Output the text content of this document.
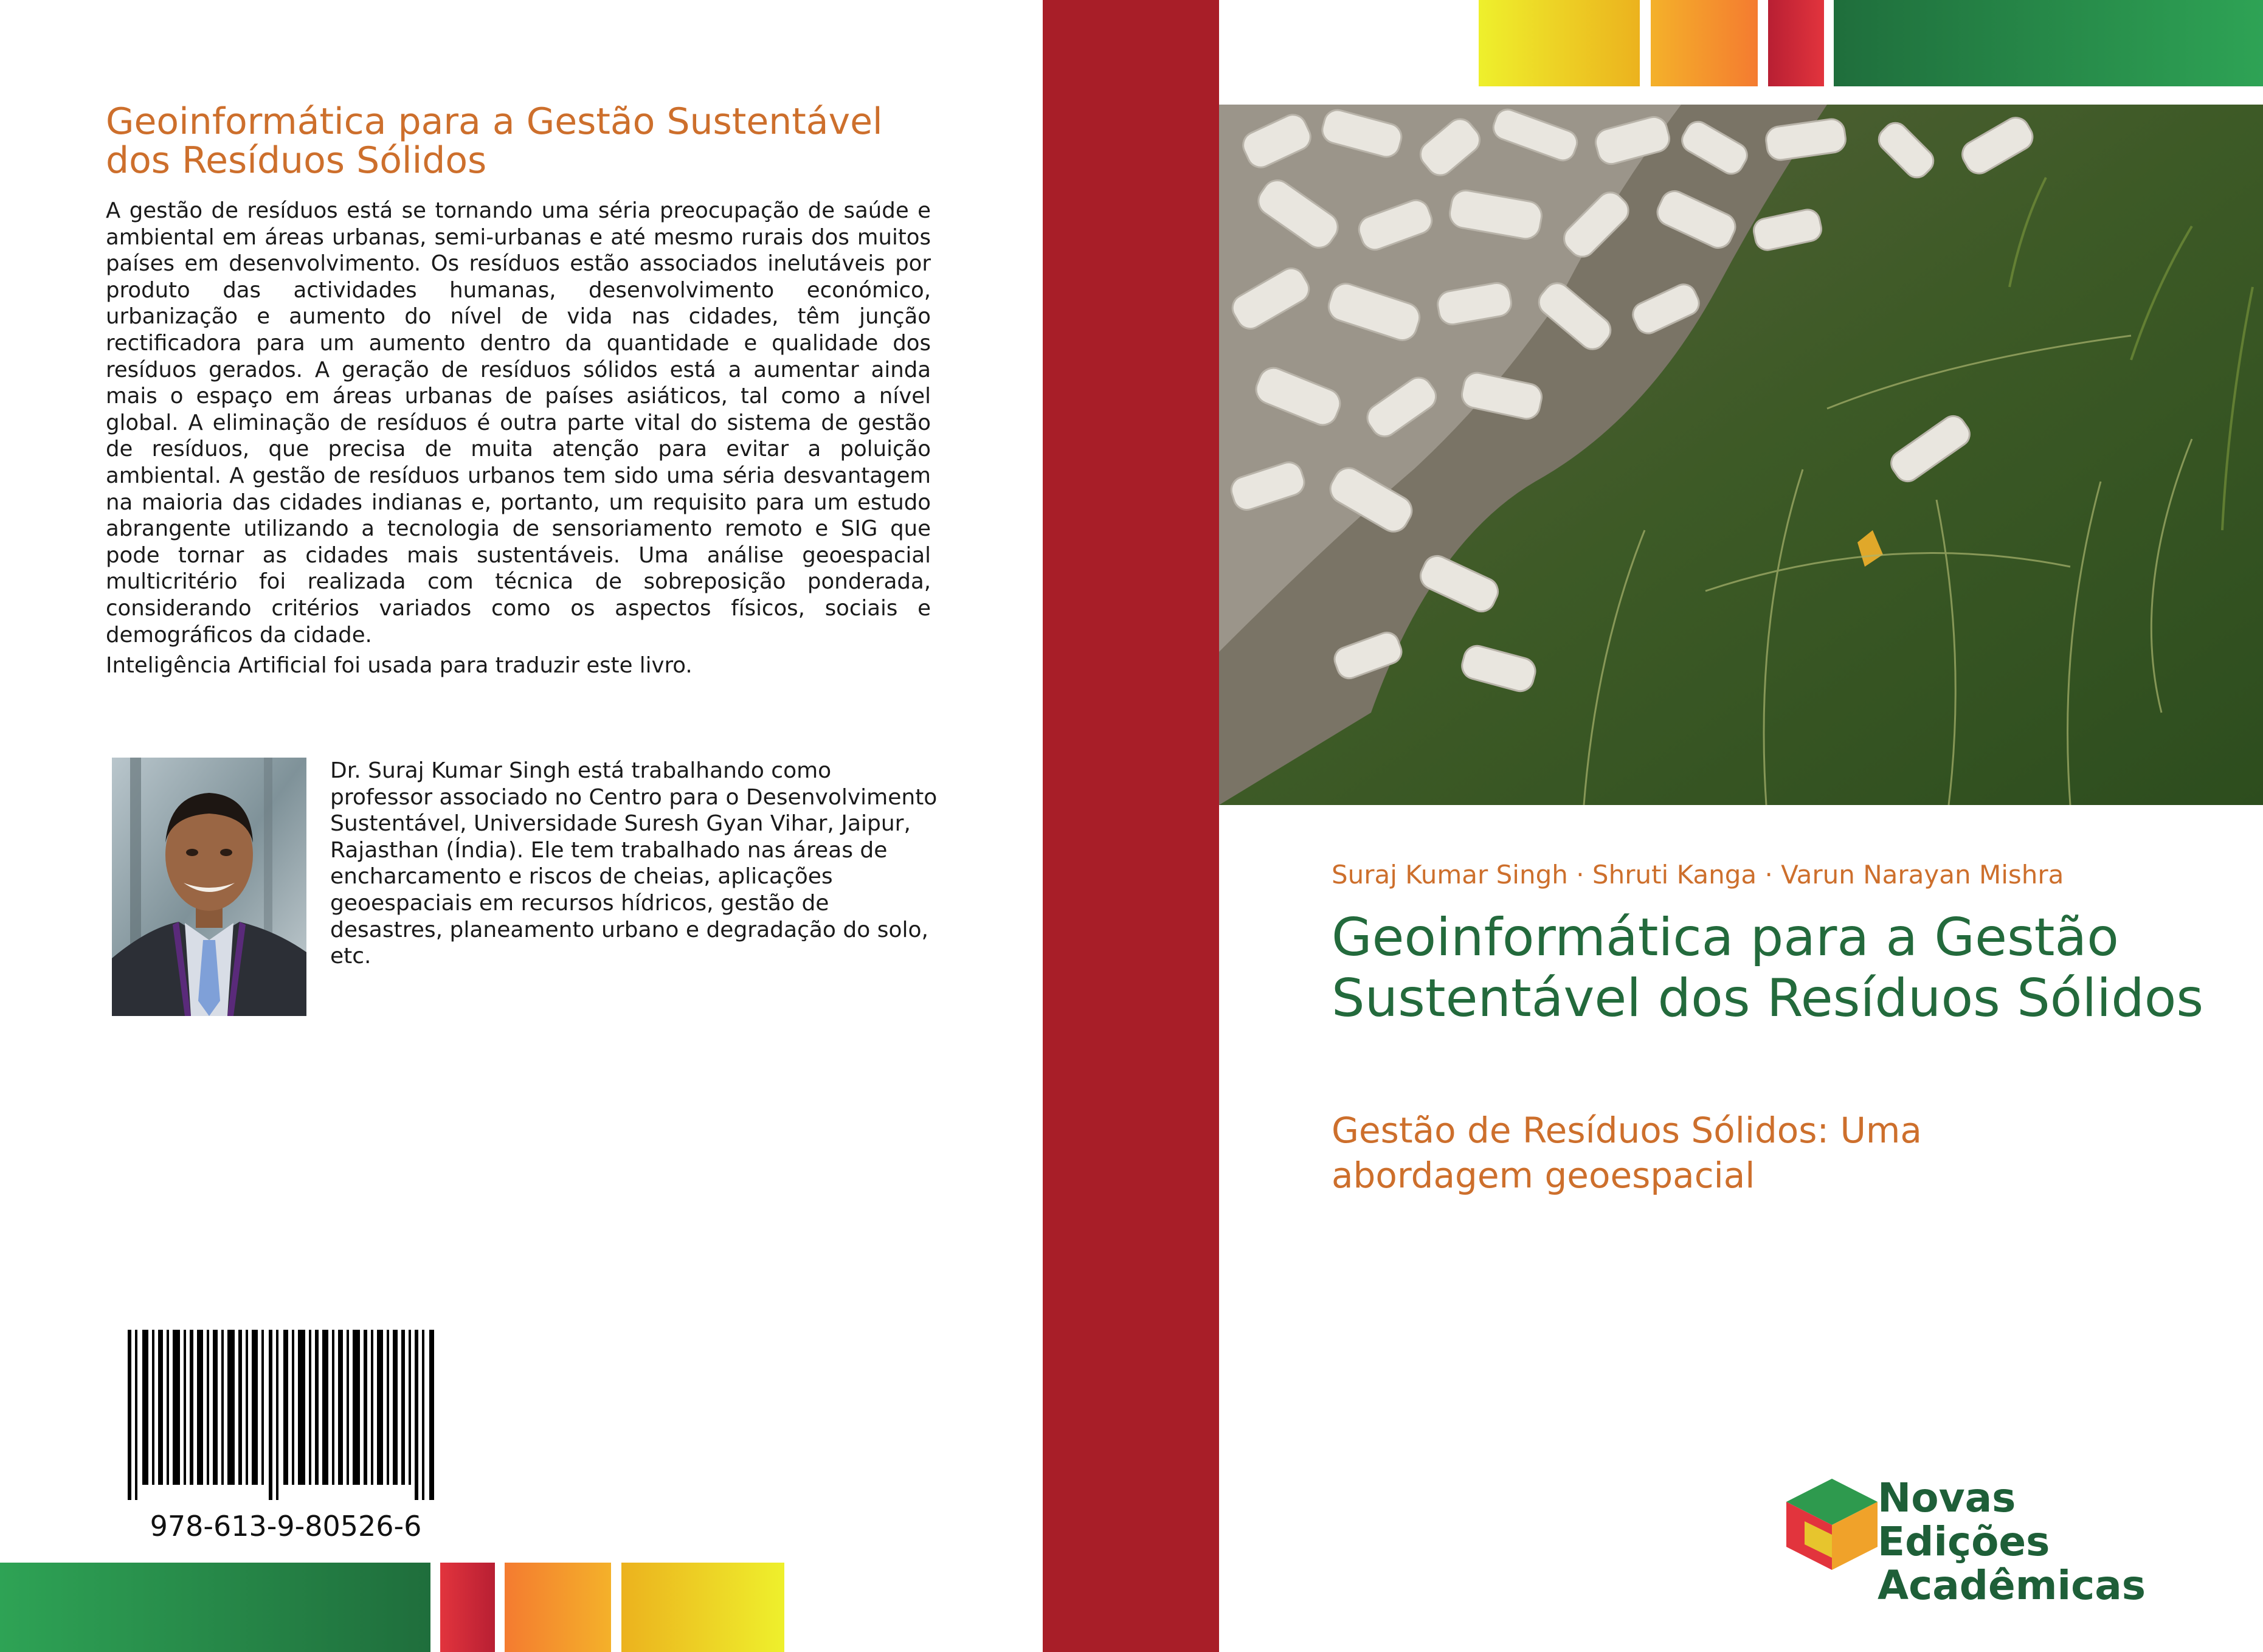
Geoinformática para a Gestão Sustentável dos Resíduos Sólidos

A gestão de resíduos está se tornando uma séria preocupação de saúde e ambiental em áreas urbanas, semi-urbanas e até mesmo rurais dos muitos países em desenvolvimento. Os resíduos estão associados inelutáveis por produto das actividades humanas, desenvolvimento económico, urbanização e aumento do nível de vida nas cidades, têm junção rectificadora para um aumento dentro da quantidade e qualidade dos resíduos gerados. A geração de resíduos sólidos está a aumentar ainda mais o espaço em áreas urbanas de países asiáticos, tal como a nível global. A eliminação de resíduos é outra parte vital do sistema de gestão de resíduos, que precisa de muita atenção para evitar a poluição ambiental. A gestão de resíduos urbanos tem sido uma séria desvantagem na maioria das cidades indianas e, portanto, um requisito para um estudo abrangente utilizando a tecnologia de sensoriamento remoto e SIG que pode tornar as cidades mais sustentáveis. Uma análise geoespacial multicritério foi realizada com técnica de sobreposição ponderada, considerando critérios variados como os aspectos físicos, sociais e demográficos da cidade.

Inteligência Artificial foi usada para traduzir este livro.
Dr. Suraj Kumar Singh está trabalhando como professor associado no Centro para o Desenvolvimento Sustentável, Universidade Suresh Gyan Vihar, Jaipur, Rajasthan (Índia). Ele tem trabalhado nas áreas de encharcamento e riscos de cheias, aplicações geoespaciais em recursos hídricos, gestão de desastres, planeamento urbano e degradação do solo, etc.
978-613-9-80526-6
Suraj Kumar Singh · Shruti Kanga · Varun Narayan Mishra
Geoinformática para a Gestão Sustentável dos Resíduos Sólidos
Gestão de Resíduos Sólidos: Uma abordagem geoespacial
Novas Edições
Acadêmicas
